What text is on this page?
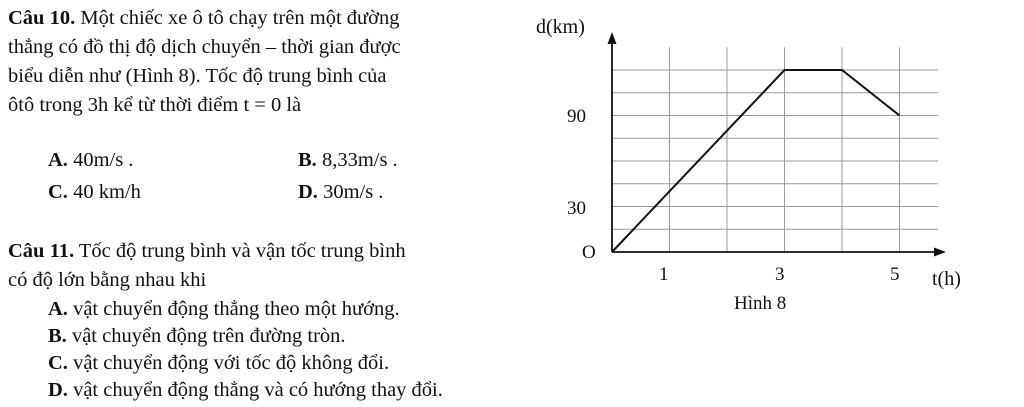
Câu 10. Một chiếc xe ô tô chạy trên một đường
thẳng có đồ thị độ dịch chuyển – thời gian được
biểu diễn như (Hình 8). Tốc độ trung bình của
ôtô trong 3h kể từ thời điểm t = 0 là
A. 40m/s .	B. 8,33m/s .
C. 40 km/h	D. 30m/s .
Câu 11. Tốc độ trung bình và vận tốc trung bình
có độ lớn bằng nhau khi
A. vật chuyển động thẳng theo một hướng.
B. vật chuyển động trên đường tròn.
C. vật chuyển động với tốc độ không đổi.
D. vật chuyển động thẳng và có hướng thay đổi.
d(km)
t(h)
O
1	3	5
90
30
Hình 8
